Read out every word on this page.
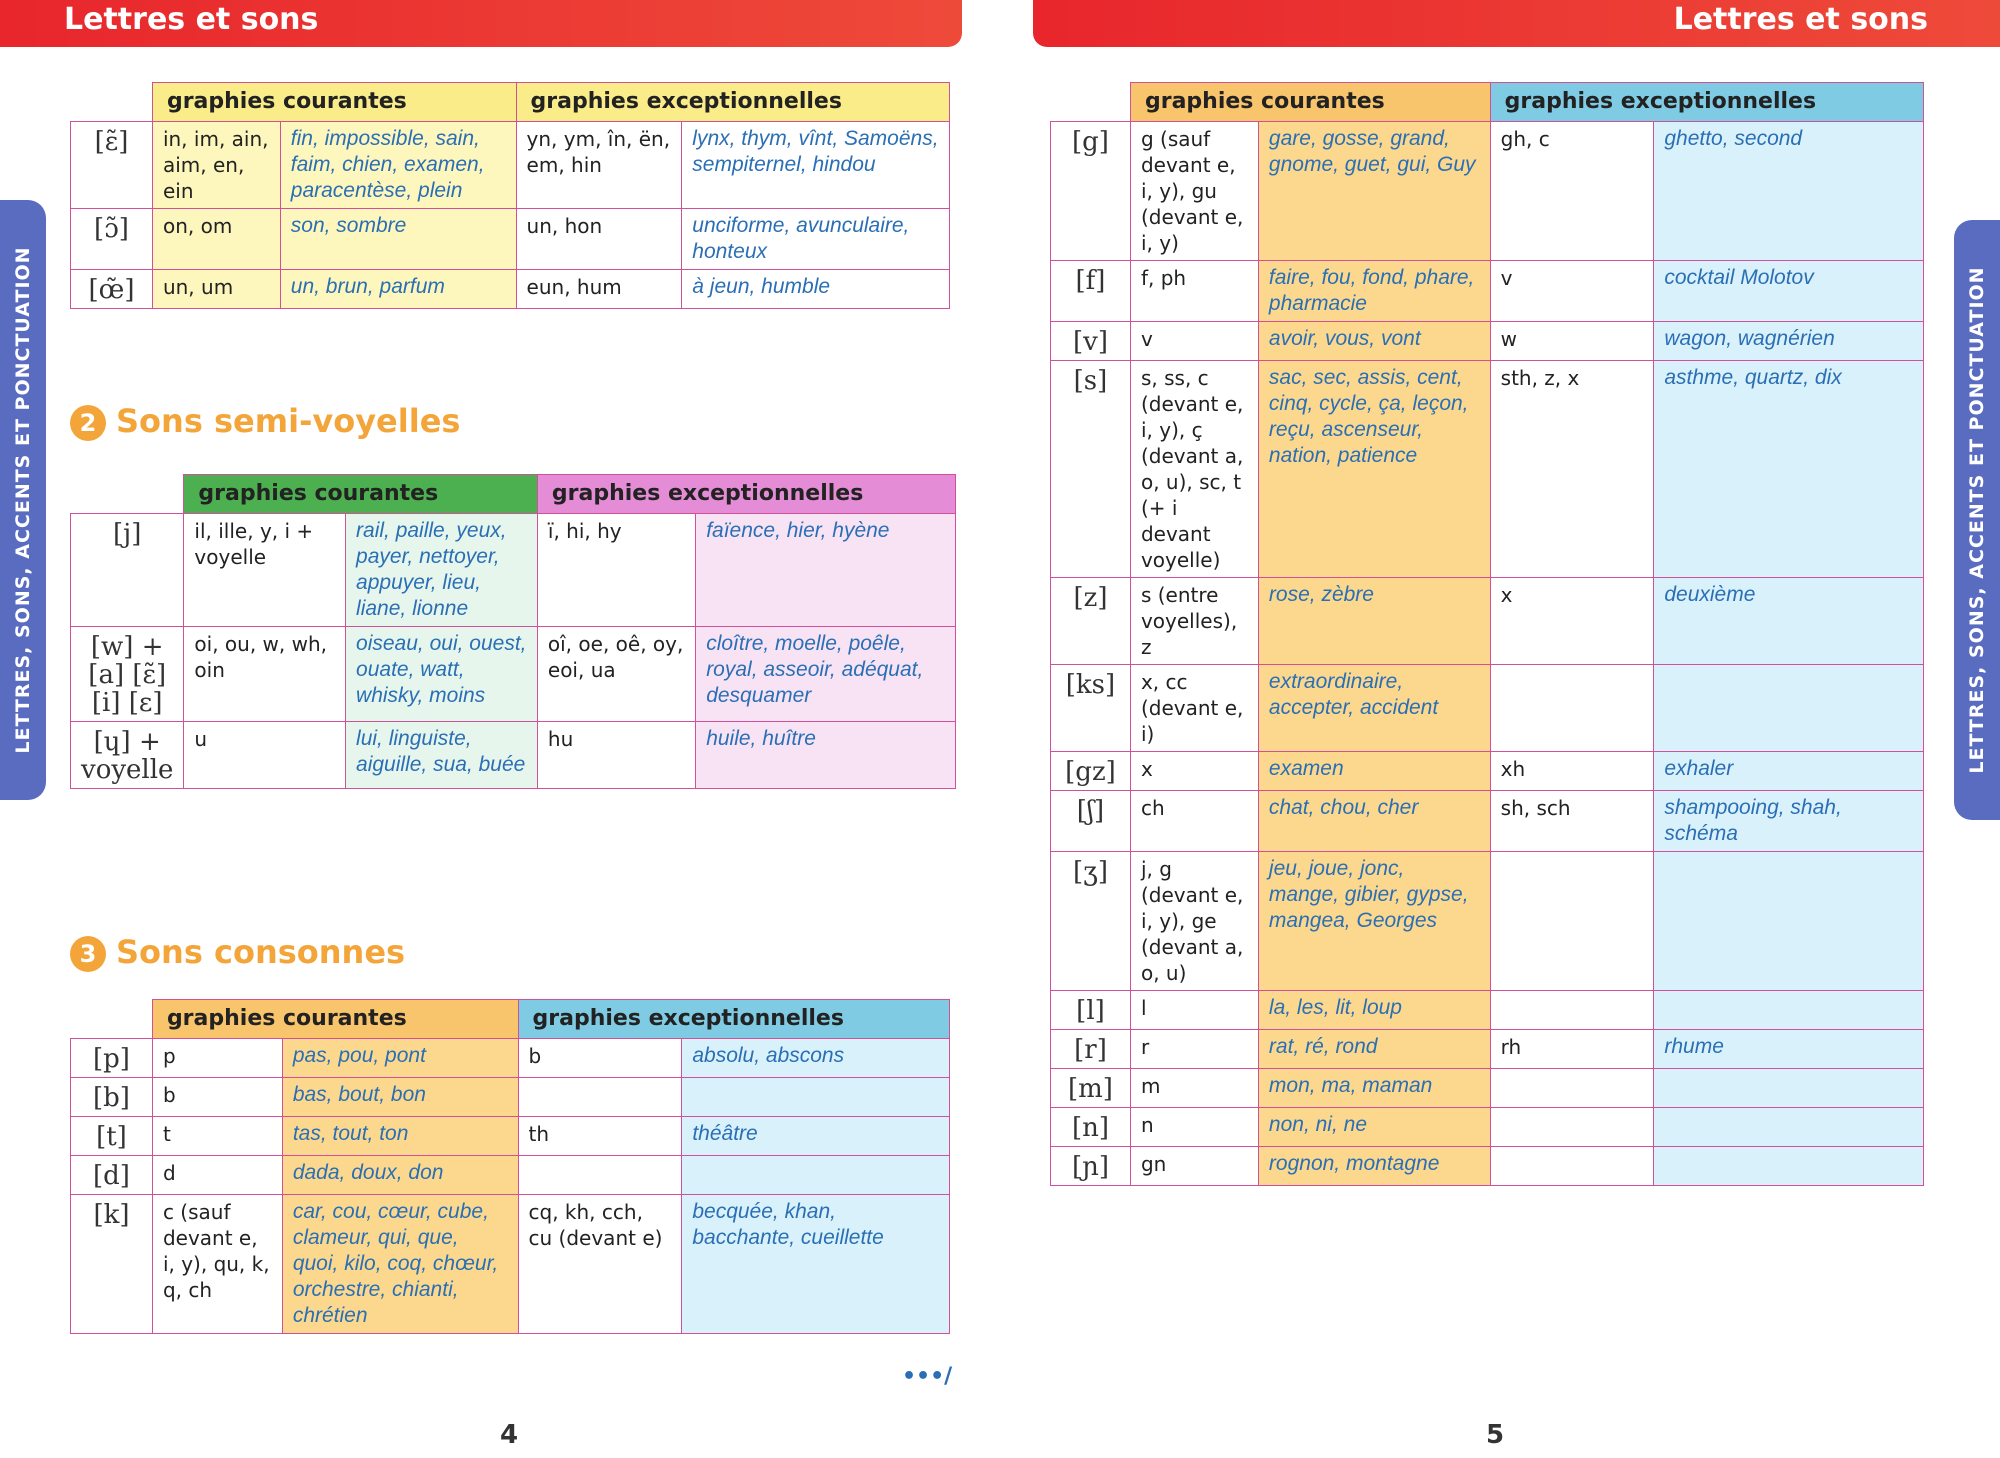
Lettres et sons	Lettres et sons
LETTRES, SONS, ACCENTS ET PONCTUATION	LETTRES, SONS, ACCENTS ET PONCTUATION
	graphies courantes		graphies exceptionnelles	
[ɛ̃]	in, im, ain, aim, en, ein	fin, impossible, sain, faim, chien, examen, paracentèse, plein	yn, ym, în, ën, em, hin	lynx, thym, vînt, Samoëns, sempiternel, hindou
[ɔ̃]	on, om	son, sombre	un, hon	unciforme, avunculaire, honteux
[œ̃]	un, um	un, brun, parfum	eun, hum	à jeun, humble
2 Sons semi-voyelles
	graphies courantes		graphies exceptionnelles	
[j]	il, ille, y, i + voyelle	rail, paille, yeux, payer, nettoyer, appuyer, lieu, liane, lionne	ï, hi, hy	faïence, hier, hyène
[w] + [a] [ɛ̃] [i] [ɛ]	oi, ou, w, wh, oin	oiseau, oui, ouest, ouate, watt, whisky, moins	oî, oe, oê, oy, eoi, ua	cloître, moelle, poêle, royal, asseoir, adéquat, desquamer
[ɥ] + voyelle	u	lui, linguiste, aiguille, sua, buée	hu	huile, huître
3 Sons consonnes
	graphies courantes		graphies exceptionnelles	
[p]	p	pas, pou, pont	b	absolu, abscons
[b]	b	bas, bout, bon		
[t]	t	tas, tout, ton	th	théâtre
[d]	d	dada, doux, don		
[k]	c (sauf devant e, i, y), qu, k, q, ch	car, cou, cœur, cube, clameur, qui, que, quoi, kilo, coq, chœur, orchestre, chianti, chrétien	cq, kh, cch, cu (devant e)	becquée, khan, bacchante, cueillette
•••/
	graphies courantes		graphies exceptionnelles	
[g]	g (sauf devant e, i, y), gu (devant e, i, y)	gare, gosse, grand, gnome, guet, gui, Guy	gh, c	ghetto, second
[f]	f, ph	faire, fou, fond, phare, pharmacie	v	cocktail Molotov
[v]	v	avoir, vous, vont	w	wagon, wagnérien
[s]	s, ss, c (devant e, i, y), ç (devant a, o, u), sc, t (+ i devant voyelle)	sac, sec, assis, cent, cinq, cycle, ça, leçon, reçu, ascenseur, nation, patience	sth, z, x	asthme, quartz, dix
[z]	s (entre voyelles), z	rose, zèbre	x	deuxième
[ks]	x, cc (devant e, i)	extraordinaire, accepter, accident		
[gz]	x	examen	xh	exhaler
[ʃ]	ch	chat, chou, cher	sh, sch	shampooing, shah, schéma
[ʒ]	j, g (devant e, i, y), ge (devant a, o, u)	jeu, joue, jonc, mange, gibier, gypse, mangea, Georges		
[l]	l	la, les, lit, loup		
[r]	r	rat, ré, rond	rh	rhume
[m]	m	mon, ma, maman		
[n]	n	non, ni, ne		
[ɲ]	gn	rognon, montagne		
4	5
